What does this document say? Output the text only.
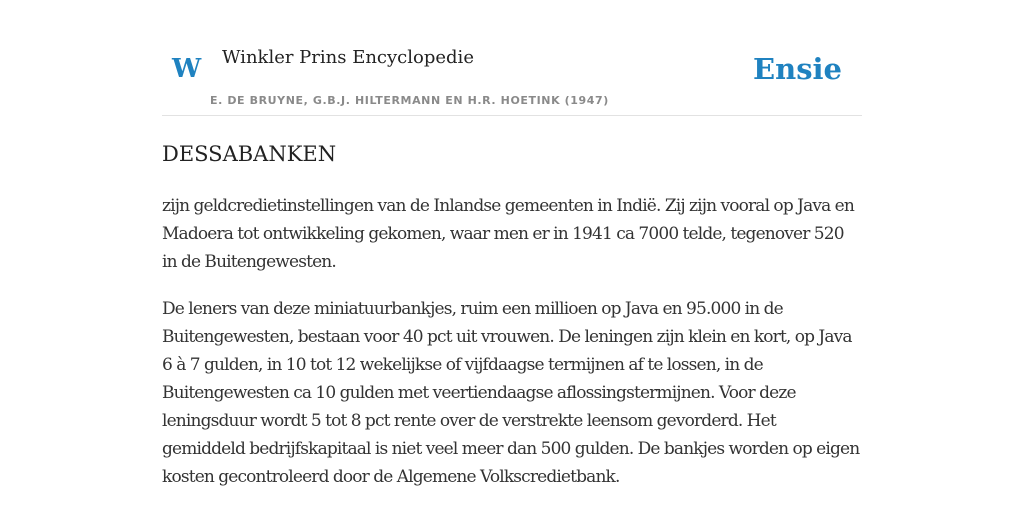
W Winkler Prins Encyclopedie
E. DE BRUYNE, G.B.J. HILTERMANN EN H.R. HOETINK (1947)
Ensie
DESSABANKEN

zijn geldcredietinstellingen van de Inlandse gemeenten in Indië. Zij zijn vooral op Java en Madoera tot ontwikkeling gekomen, waar men er in 1941 ca 7000 telde, tegenover 520 in de Buitengewesten.

De leners van deze miniatuurbankjes, ruim een millioen op Java en 95.000 in de Buitengewesten, bestaan voor 40 pct uit vrouwen. De leningen zijn klein en kort, op Java 6 à 7 gulden, in 10 tot 12 wekelijkse of vijfdaagse termijnen af te lossen, in de Buitengewesten ca 10 gulden met veertiendaagse aflossingstermijnen. Voor deze leningsduur wordt 5 tot 8 pct rente over de verstrekte leensom gevorderd. Het gemiddeld bedrijfskapitaal is niet veel meer dan 500 gulden. De bankjes worden op eigen kosten gecontroleerd door de Algemene Volkscredietbank.
